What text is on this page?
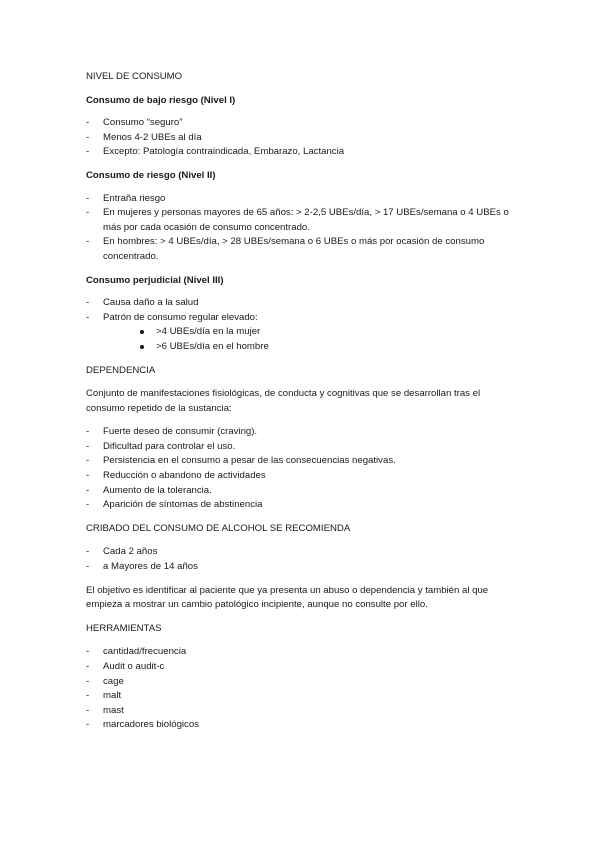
NIVEL DE CONSUMO
Consumo de bajo riesgo (Nivel I)
- Consumo “seguro”
- Menos 4-2 UBEs al día
- Excepto: Patología contraindicada, Embarazo, Lactancia
Consumo de riesgo (Nivel II)
- Entraña riesgo
- En mujeres y personas mayores de 65 años: > 2-2,5 UBEs/día, > 17 UBEs/semana o 4 UBEs o más por cada ocasión de consumo concentrado.
- En hombres: > 4 UBEs/día, > 28 UBEs/semana o 6 UBEs o más por ocasión de consumo concentrado.
Consumo perjudicial (Nivel III)
- Causa daño a la salud
- Patrón de consumo regular elevado:
>4 UBEs/día en la mujer
>6 UBEs/día en el hombre
DEPENDENCIA

Conjunto de manifestaciones fisiológicas, de conducta y cognitivas que se desarrollan tras el consumo repetido de la sustancia:

- Fuerte deseo de consumir (craving).
- Dificultad para controlar el uso.
- Persistencia en el consumo a pesar de las consecuencias negativas.
- Reducción o abandono de actividades
- Aumento de la tolerancia.
- Aparición de síntomas de abstinencia
CRIBADO DEL CONSUMO DE ALCOHOL SE RECOMIENDA
- Cada 2 años
- a Mayores de 14 años

El objetivo es identificar al paciente que ya presenta un abuso o dependencia y también al que empieza a mostrar un cambio patológico incipiente, aunque no consulte por ello.

HERRAMIENTAS
- cantidad/frecuencia
- Audit o audit-c
- cage
- malt
- mast
- marcadores biológicos
